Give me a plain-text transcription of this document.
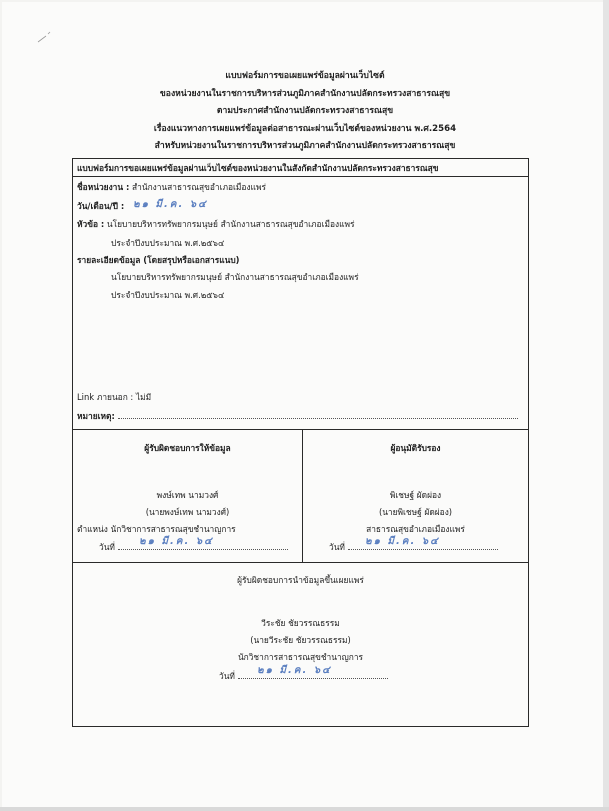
แบบฟอร์มการขอเผยแพร่ข้อมูลผ่านเว็บไซต์
ของหน่วยงานในราชการบริหารส่วนภูมิภาคสำนักงานปลัดกระทรวงสาธารณสุข
ตามประกาศสำนักงานปลัดกระทรวงสาธารณสุข
เรื่องแนวทางการเผยแพร่ข้อมูลต่อสาธารณะผ่านเว็บไซต์ของหน่วยงาน พ.ศ.2564
สำหรับหน่วยงานในราชการบริหารส่วนภูมิภาคสำนักงานปลัดกระทรวงสาธารณสุข
แบบฟอร์มการขอเผยแพร่ข้อมูลผ่านเว็บไซต์ของหน่วยงานในสังกัดสำนักงานปลัดกระทรวงสาธารณสุข
ชื่อหน่วยงาน : สำนักงานสาธารณสุขอำเภอเมืองแพร่
วัน/เดือน/ปี : ๒๑ มี.ค. ๖๔
หัวข้อ : นโยบายบริหารทรัพยากรมนุษย์ สำนักงานสาธารณสุขอำเภอเมืองแพร่
ประจำปีงบประมาณ พ.ศ.๒๕๖๔
รายละเอียดข้อมูล (โดยสรุปหรือเอกสารแนบ)
นโยบายบริหารทรัพยากรมนุษย์ สำนักงานสาธารณสุขอำเภอเมืองแพร่
ประจำปีงบประมาณ พ.ศ.๒๕๖๔
Link ภายนอก : ไม่มี
หมายเหตุ:
ผู้รับผิดชอบการให้ข้อมูล
พงษ์เทพ นามวงศ์
(นายพงษ์เทพ นามวงศ์)
ตำแหน่ง นักวิชาการสาธารณสุขชำนาญการ
วันที่	๒๑ มี.ค. ๖๔
ผู้อนุมัติรับรอง
พิเชษฐ์ ผัดผ่อง
(นายพิเชษฐ์ ผัดผ่อง)
สาธารณสุขอำเภอเมืองแพร่
วันที่	๒๑ มี.ค. ๖๔
ผู้รับผิดชอบการนำข้อมูลขึ้นเผยแพร่
วีระชัย ชัยวรรณธรรม
(นายวีระชัย ชัยวรรณธรรม)
นักวิชาการสาธารณสุขชำนาญการ
วันที่	๒๑ มี.ค. ๖๔
